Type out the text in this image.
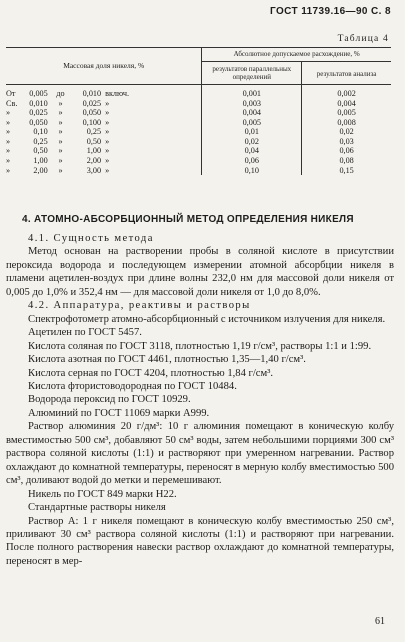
ГОСТ 11739.16—90 С. 8
Таблица 4
Массовая доля никеля, %					Абсолютное допускаемое расхождение, %	
					результатов параллельных определений	результатов анализа
От	0,005	до	0,010	включ.	0,001	0,002
Св.	0,010	»	0,025	»	0,003	0,004
»	0,025	»	0,050	»	0,004	0,005
»	0,050	»	0,100	»	0,005	0,008
»	0,10	»	0,25	»	0,01	0,02
»	0,25	»	0,50	»	0,02	0,03
»	0,50	»	1,00	»	0,04	0,06
»	1,00	»	2,00	»	0,06	0,08
»	2,00	»	3,00	»	0,10	0,15
4. АТОМНО-АБСОРБЦИОННЫЙ МЕТОД ОПРЕДЕЛЕНИЯ НИКЕЛЯ

4.1. Сущность метода

Метод основан на растворении пробы в соляной кислоте в присутствии пероксида водорода и последующем измерении атомной абсорбции никеля в пламени ацетилен-воздух при длине волны 232,0 нм для массовой доли никеля от 0,005 до 1,0% и 352,4 нм — для массовой доли никеля от 1,0 до 8,0%.

4.2. Аппаратура, реактивы и растворы

Спектрофотометр атомно-абсорбционный с источником излучения для никеля.

Ацетилен по ГОСТ 5457.

Кислота соляная по ГОСТ 3118, плотностью 1,19 г/см³, растворы 1:1 и 1:99.

Кислота азотная по ГОСТ 4461, плотностью 1,35—1,40 г/см³.

Кислота серная по ГОСТ 4204, плотностью 1,84 г/см³.

Кислота фтористоводородная по ГОСТ 10484.

Водорода пероксид по ГОСТ 10929.

Алюминий по ГОСТ 11069 марки А999.

Раствор алюминия 20 г/дм³: 10 г алюминия помещают в коническую колбу вместимостью 500 см³, добавляют 50 см³ воды, затем небольшими порциями 300 см³ раствора соляной кислоты (1:1) и растворяют при умеренном нагревании. Раствор охлаждают до комнатной температуры, переносят в мерную колбу вместимостью 500 см³, доливают водой до метки и перемешивают.

Никель по ГОСТ 849 марки Н22.

Стандартные растворы никеля

Раствор А: 1 г никеля помещают в коническую колбу вместимостью 250 см³, приливают 30 см³ раствора соляной кислоты (1:1) и растворяют при нагревании. После полного растворения навески раствор охлаждают до комнатной температуры, переносят в мер-

61
